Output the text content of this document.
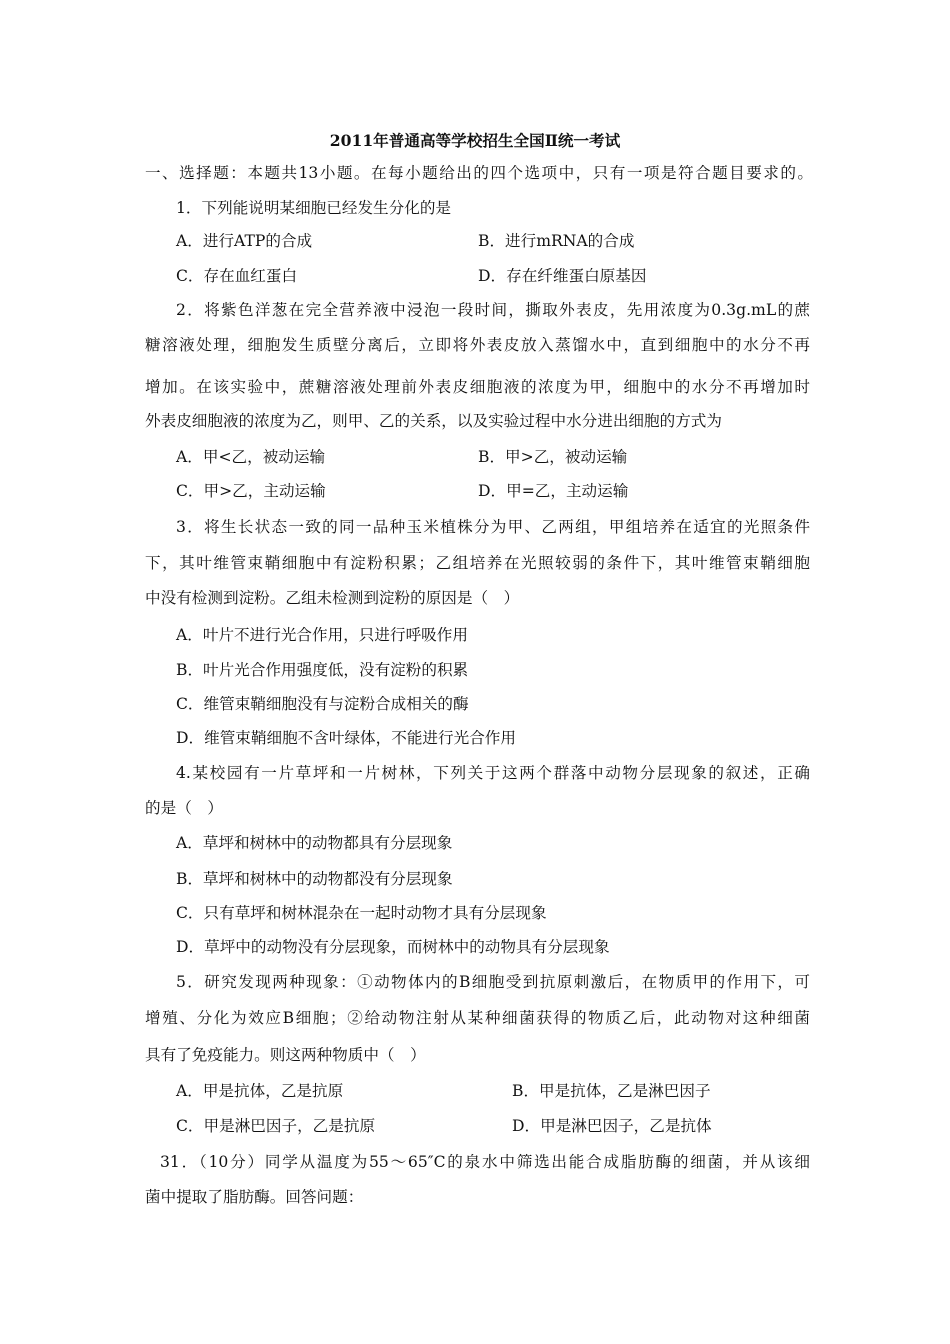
2011年普通高等学校招生全国Ⅱ统一考试
一、选择题：本题共13小题。在每小题给出的四个选项中，只有一项是符合题目要求的。
1．下列能说明某细胞已经发生分化的是
A．进行ATP的合成	B．进行mRNA的合成
C．存在血红蛋白	D．存在纤维蛋白原基因
2．将紫色洋葱在完全营养液中浸泡一段时间，撕取外表皮，先用浓度为0.3g.mL的蔗
糖溶液处理，细胞发生质壁分离后，立即将外表皮放入蒸馏水中，直到细胞中的水分不再
增加。在该实验中，蔗糖溶液处理前外表皮细胞液的浓度为甲，细胞中的水分不再增加时
外表皮细胞液的浓度为乙，则甲、乙的关系，以及实验过程中水分进出细胞的方式为
A．甲<乙，被动运输	B．甲>乙，被动运输
C．甲>乙，主动运输	D．甲=乙，主动运输
3．将生长状态一致的同一品种玉米植株分为甲、乙两组，甲组培养在适宜的光照条件
下，其叶维管束鞘细胞中有淀粉积累；乙组培养在光照较弱的条件下，其叶维管束鞘细胞
中没有检测到淀粉。乙组未检测到淀粉的原因是（　）
A．叶片不进行光合作用，只进行呼吸作用
B．叶片光合作用强度低，没有淀粉的积累
C．维管束鞘细胞没有与淀粉合成相关的酶
D．维管束鞘细胞不含叶绿体，不能进行光合作用
4.某校园有一片草坪和一片树林，下列关于这两个群落中动物分层现象的叙述，正确
的是（　）
A．草坪和树林中的动物都具有分层现象
B．草坪和树林中的动物都没有分层现象
C．只有草坪和树林混杂在一起时动物才具有分层现象
D．草坪中的动物没有分层现象，而树林中的动物具有分层现象
5．研究发现两种现象：①动物体内的B细胞受到抗原刺激后，在物质甲的作用下，可
增殖、分化为效应B细胞；②给动物注射从某种细菌获得的物质乙后，此动物对这种细菌
具有了免疫能力。则这两种物质中（　）
A．甲是抗体，乙是抗原	B．甲是抗体，乙是淋巴因子
C．甲是淋巴因子，乙是抗原	D．甲是淋巴因子，乙是抗体
31．（10分）同学从温度为55～65″C的泉水中筛选出能合成脂肪酶的细菌，并从该细
菌中提取了脂肪酶。回答问题：
